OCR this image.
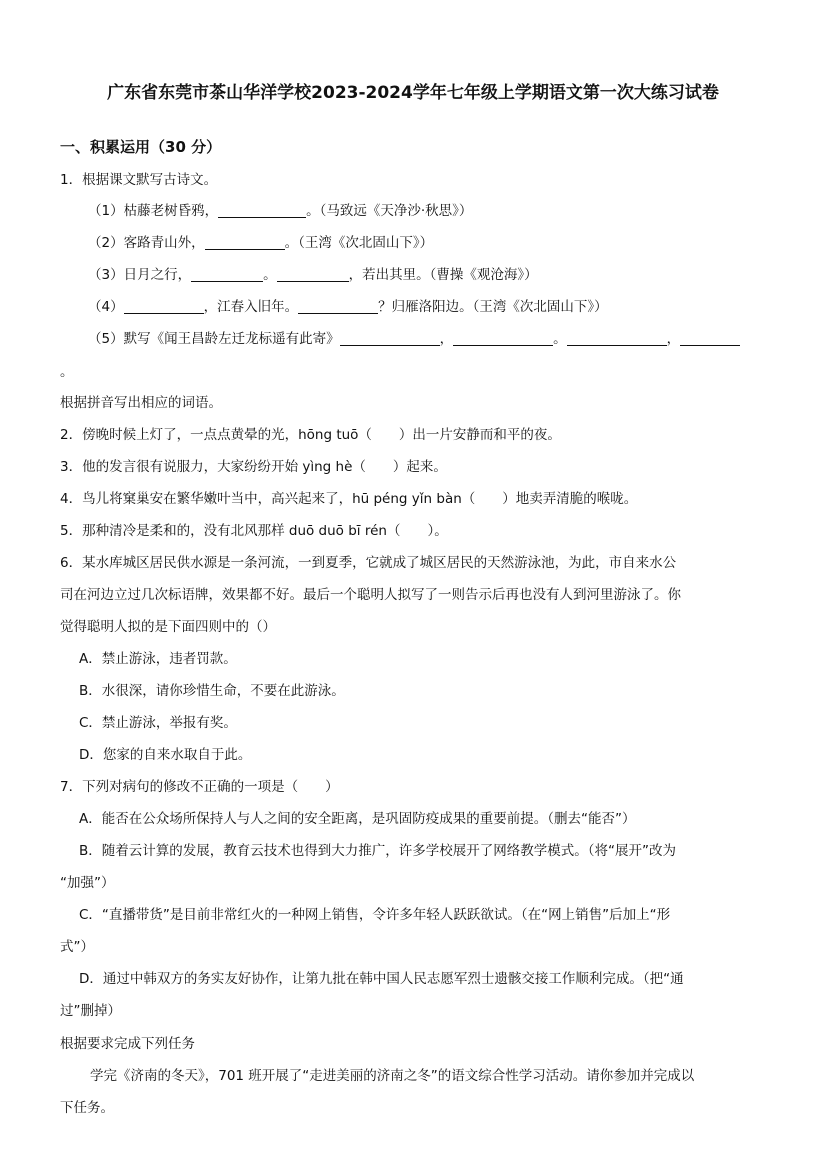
广东省东莞市茶山华洋学校2023-2024学年七年级上学期语文第一次大练习试卷
一、积累运用（30 分）
1．根据课文默写古诗文。
（1）枯藤老树昏鸦，	。（马致远《天净沙·秋思》）
（2）客路青山外，	。（王湾《次北固山下》）
（3）日月之行，	。	，若出其里。（曹操《观沧海》）
（4）	，江春入旧年。	？归雁洛阳边。（王湾《次北固山下》）
（5）默写《闻王昌龄左迁龙标遥有此寄》	，	。	，
。
根据拼音写出相应的词语。
2．傍晚时候上灯了，一点点黄晕的光，hōng tuō（　　）出一片安静而和平的夜。
3．他的发言很有说服力，大家纷纷开始 yìng hè（　　）起来。
4．鸟儿将窠巢安在繁华嫩叶当中，高兴起来了，hū péng yǐn bàn（　　）地卖弄清脆的喉咙。
5．那种清冷是柔和的，没有北风那样 duō duō bī rén（　　）。
6．某水库城区居民供水源是一条河流，一到夏季，它就成了城区居民的天然游泳池，为此，市自来水公
司在河边立过几次标语牌，效果都不好。最后一个聪明人拟写了一则告示后再也没有人到河里游泳了。你
觉得聪明人拟的是下面四则中的（）
A．禁止游泳，违者罚款。
B．水很深，请你珍惜生命，不要在此游泳。
C．禁止游泳，举报有奖。
D．您家的自来水取自于此。
7．下列对病句的修改不正确的一项是（　　）
A．能否在公众场所保持人与人之间的安全距离，是巩固防疫成果的重要前提。（删去“能否”）
B．随着云计算的发展，教育云技术也得到大力推广，许多学校展开了网络教学模式。（将“展开”改为
“加强”）
C．“直播带货”是目前非常红火的一种网上销售，令许多年轻人跃跃欲试。（在“网上销售”后加上“形
式”）
D．通过中韩双方的务实友好协作，让第九批在韩中国人民志愿军烈士遗骸交接工作顺利完成。（把“通
过”删掉）
根据要求完成下列任务
学完《济南的冬天》，701 班开展了“走进美丽的济南之冬”的语文综合性学习活动。请你参加并完成以
下任务。
